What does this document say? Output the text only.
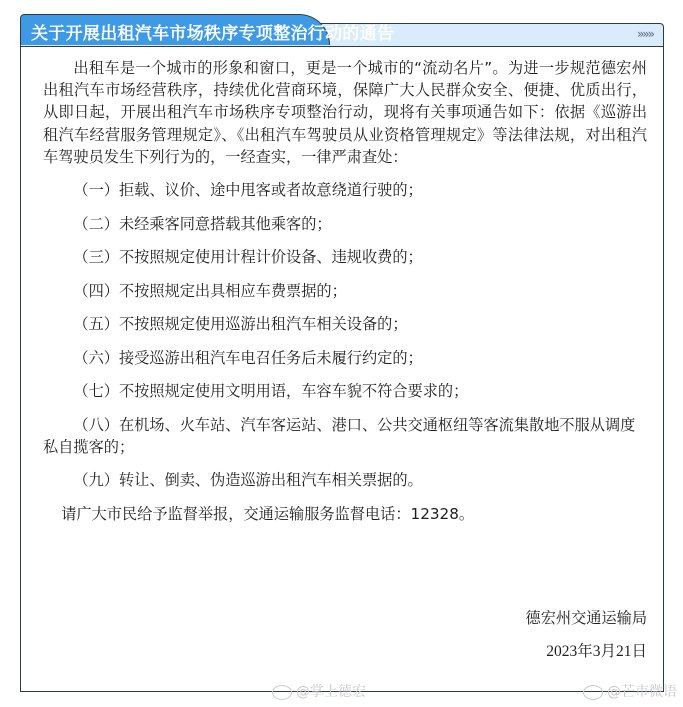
»»»
关于开展出租汽车市场秩序专项整治行动的通告

出租车是一个城市的形象和窗口，更是一个城市的“流动名片”。为进一步规范德宏州出租汽车市场经营秩序，持续优化营商环境，保障广大人民群众安全、便捷、优质出行，从即日起，开展出租汽车市场秩序专项整治行动，现将有关事项通告如下：依据《巡游出租汽车经营服务管理规定》、《出租汽车驾驶员从业资格管理规定》等法律法规，对出租汽车驾驶员发生下列行为的，一经查实，一律严肃查处：

（一）拒载、议价、途中甩客或者故意绕道行驶的；

（二）未经乘客同意搭载其他乘客的；

（三）不按照规定使用计程计价设备、违规收费的；

（四）不按照规定出具相应车费票据的；

（五）不按照规定使用巡游出租汽车相关设备的；

（六）接受巡游出租汽车电召任务后未履行约定的；

（七）不按照规定使用文明用语，车容车貌不符合要求的；

（八）在机场、火车站、汽车客运站、港口、公共交通枢纽等客流集散地不服从调度私自揽客的；

（九）转让、倒卖、伪造巡游出租汽车相关票据的。

请广大市民给予监督举报，交通运输服务监督电话：12328。

德宏州交通运输局
2023年3月21日
@掌上德宏	@芒市微语
